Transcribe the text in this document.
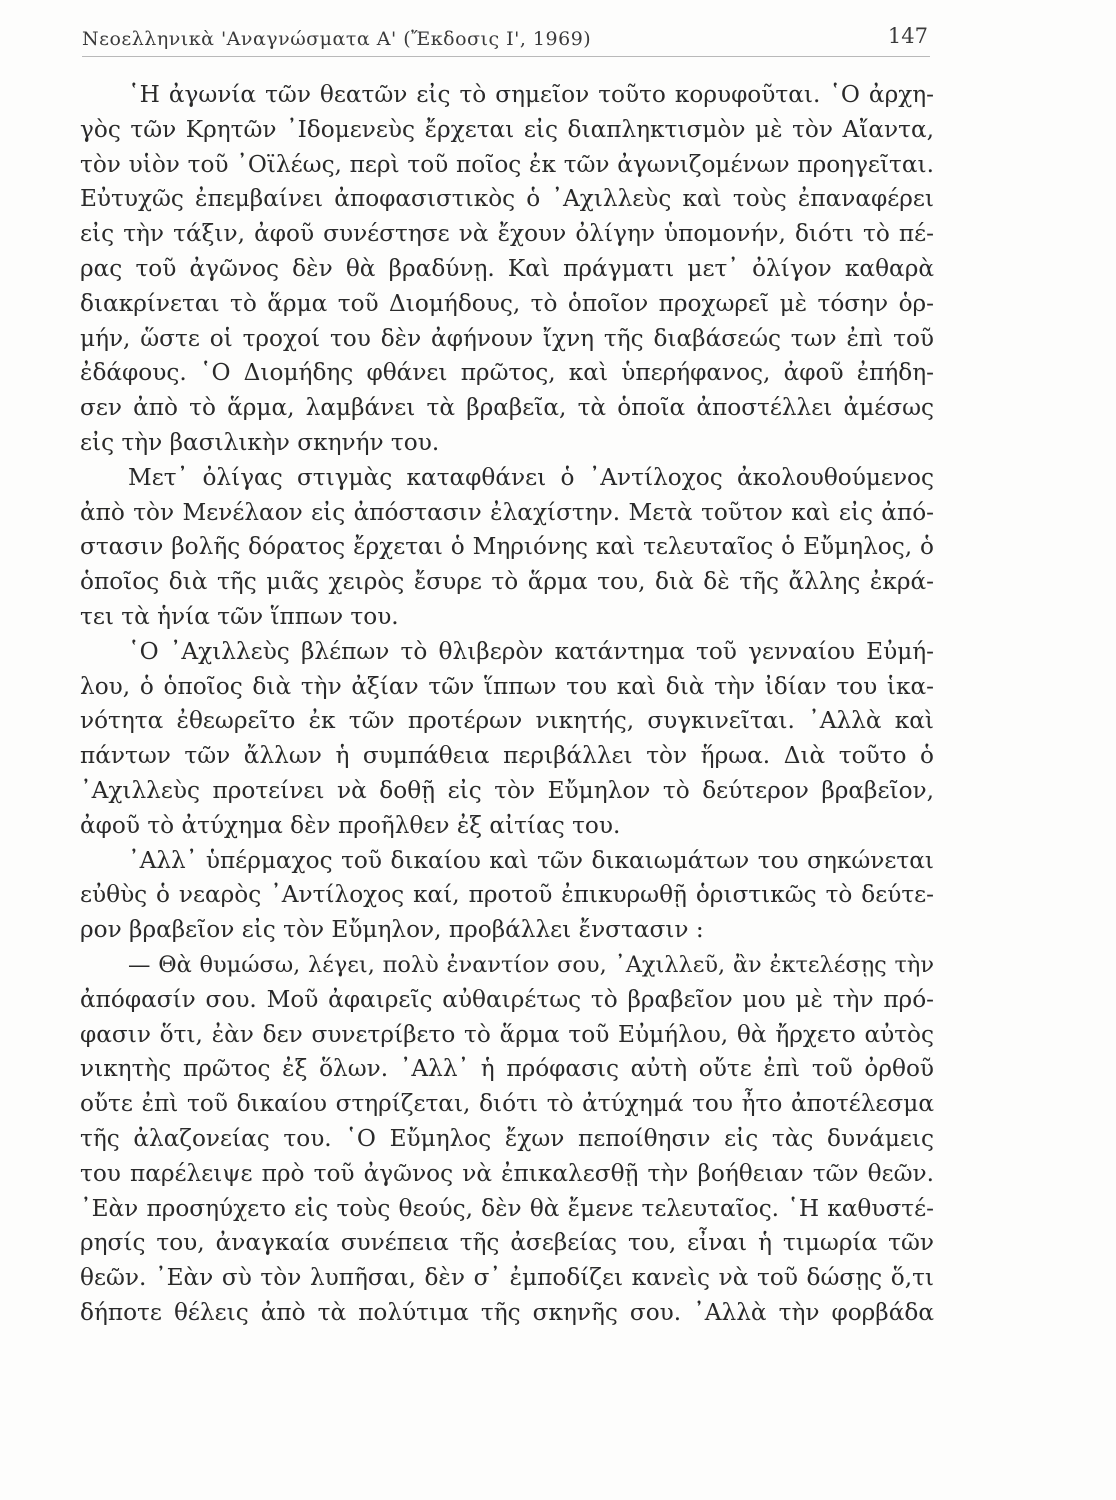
Νεοελληνικὰ 'Αναγνώσματα Α' (Ἔκδοσις Ι', 1969)	147
῾Η ἀγωνία τῶν θεατῶν εἰς τὸ σημεῖον τοῦτο κορυφοῦται. ῾Ο ἀρχη-
γὸς τῶν Κρητῶν ᾿Ιδομενεὺς ἔρχεται εἰς διαπληκτισμὸν μὲ τὸν Αἴαντα,
τὸν υἱὸν τοῦ ᾿Οϊλέως, περὶ τοῦ ποῖος ἐκ τῶν ἀγωνιζομένων προηγεῖται.
Εὐτυχῶς ἐπεμβαίνει ἀποφασιστικὸς ὁ ᾿Αχιλλεὺς καὶ τοὺς ἐπαναφέρει
εἰς τὴν τάξιν, ἀφοῦ συνέστησε νὰ ἔχουν ὀλίγην ὑπομονήν, διότι τὸ πέ-
ρας τοῦ ἀγῶνος δὲν θὰ βραδύνῃ. Καὶ πράγματι μετ᾿ ὀλίγον καθαρὰ
διακρίνεται τὸ ἅρμα τοῦ Διομήδους, τὸ ὁποῖον προχωρεῖ μὲ τόσην ὁρ-
μήν, ὥστε οἱ τροχοί του δὲν ἀφήνουν ἴχνη τῆς διαβάσεώς των ἐπὶ τοῦ
ἐδάφους. ῾Ο Διομήδης φθάνει πρῶτος, καὶ ὑπερήφανος, ἀφοῦ ἐπήδη-
σεν ἀπὸ τὸ ἅρμα, λαμβάνει τὰ βραβεῖα, τὰ ὁποῖα ἀποστέλλει ἀμέσως
εἰς τὴν βασιλικὴν σκηνήν του.
Μετ᾿ ὀλίγας στιγμὰς καταφθάνει ὁ ᾿Αντίλοχος ἀκολουθούμενος
ἀπὸ τὸν Μενέλαον εἰς ἀπόστασιν ἐλαχίστην. Μετὰ τοῦτον καὶ εἰς ἀπό-
στασιν βολῆς δόρατος ἔρχεται ὁ Μηριόνης καὶ τελευταῖος ὁ Εὔμηλος, ὁ
ὁποῖος διὰ τῆς μιᾶς χειρὸς ἔσυρε τὸ ἅρμα του, διὰ δὲ τῆς ἄλλης ἐκρά-
τει τὰ ἡνία τῶν ἵππων του.
῾Ο ᾿Αχιλλεὺς βλέπων τὸ θλιβερὸν κατάντημα τοῦ γενναίου Εὐμή-
λου, ὁ ὁποῖος διὰ τὴν ἀξίαν τῶν ἵππων του καὶ διὰ τὴν ἰδίαν του ἱκα-
νότητα ἐθεωρεῖτο ἐκ τῶν προτέρων νικητής, συγκινεῖται. ᾿Αλλὰ καὶ
πάντων τῶν ἄλλων ἡ συμπάθεια περιβάλλει τὸν ἥρωα. Διὰ τοῦτο ὁ
᾿Αχιλλεὺς προτείνει νὰ δοθῇ εἰς τὸν Εὔμηλον τὸ δεύτερον βραβεῖον,
ἀφοῦ τὸ ἀτύχημα δὲν προῆλθεν ἐξ αἰτίας του.
᾿Αλλ᾿ ὑπέρμαχος τοῦ δικαίου καὶ τῶν δικαιωμάτων του σηκώνεται
εὐθὺς ὁ νεαρὸς ᾿Αντίλοχος καί, προτοῦ ἐπικυρωθῇ ὁριστικῶς τὸ δεύτε-
ρον βραβεῖον εἰς τὸν Εὔμηλον, προβάλλει ἔνστασιν :
— Θὰ θυμώσω, λέγει, πολὺ ἐναντίον σου, ᾿Αχιλλεῦ, ἂν ἐκτελέσῃς τὴν
ἀπόφασίν σου. Μοῦ ἀφαιρεῖς αὐθαιρέτως τὸ βραβεῖον μου μὲ τὴν πρό-
φασιν ὅτι, ἐὰν δεν συνετρίβετο τὸ ἅρμα τοῦ Εὐμήλου, θὰ ἤρχετο αὐτὸς
νικητὴς πρῶτος ἐξ ὅλων. ᾿Αλλ᾿ ἡ πρόφασις αὐτὴ οὔτε ἐπὶ τοῦ ὀρθοῦ
οὔτε ἐπὶ τοῦ δικαίου στηρίζεται, διότι τὸ ἀτύχημά του ἦτο ἀποτέλεσμα
τῆς ἀλαζονείας του. ῾Ο Εὔμηλος ἔχων πεποίθησιν εἰς τὰς δυνάμεις
του παρέλειψε πρὸ τοῦ ἀγῶνος νὰ ἐπικαλεσθῇ τὴν βοήθειαν τῶν θεῶν.
᾿Εὰν προσηύχετο εἰς τοὺς θεούς, δὲν θὰ ἔμενε τελευταῖος. ῾Η καθυστέ-
ρησίς του, ἀναγκαία συνέπεια τῆς ἀσεβείας του, εἶναι ἡ τιμωρία τῶν
θεῶν. ᾿Εὰν σὺ τὸν λυπῆσαι, δὲν σ᾿ ἐμποδίζει κανεὶς νὰ τοῦ δώσῃς ὅ,τι
δήποτε θέλεις ἀπὸ τὰ πολύτιμα τῆς σκηνῆς σου. ᾿Αλλὰ τὴν φορβάδα
